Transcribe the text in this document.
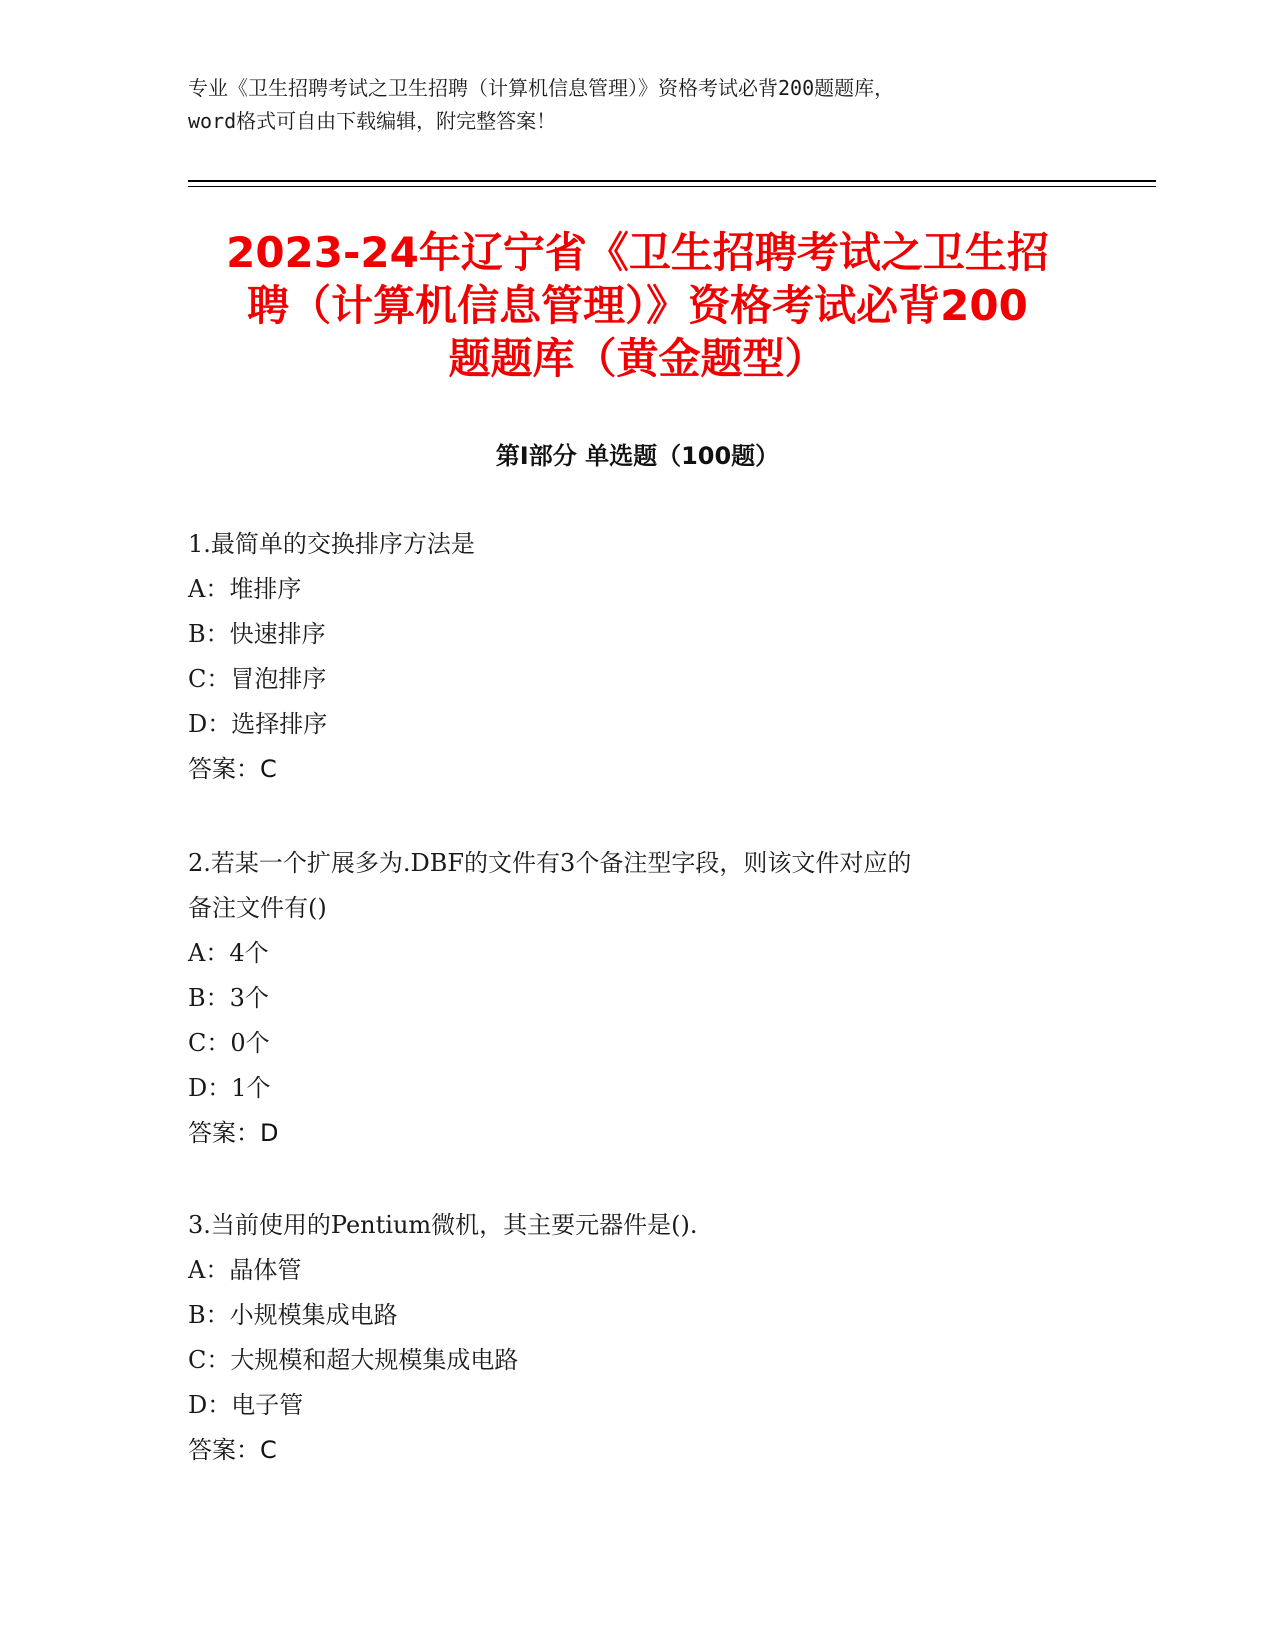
专业《卫生招聘考试之卫生招聘（计算机信息管理）》资格考试必背200题题库，
word格式可自由下载编辑，附完整答案！
2023-24年辽宁省《卫生招聘考试之卫生招
聘（计算机信息管理）》资格考试必背200
题题库（黄金题型）
第Ⅰ部分 单选题（100题）
1.最简单的交换排序方法是
A：堆排序
B：快速排序
C：冒泡排序
D：选择排序
答案：C
2.若某一个扩展多为.DBF的文件有3个备注型字段，则该文件对应的
备注文件有()
A：4个
B：3个
C：0个
D：1个
答案：D
3.当前使用的Pentium微机，其主要元器件是().
A：晶体管
B：小规模集成电路
C：大规模和超大规模集成电路
D：电子管
答案：C
